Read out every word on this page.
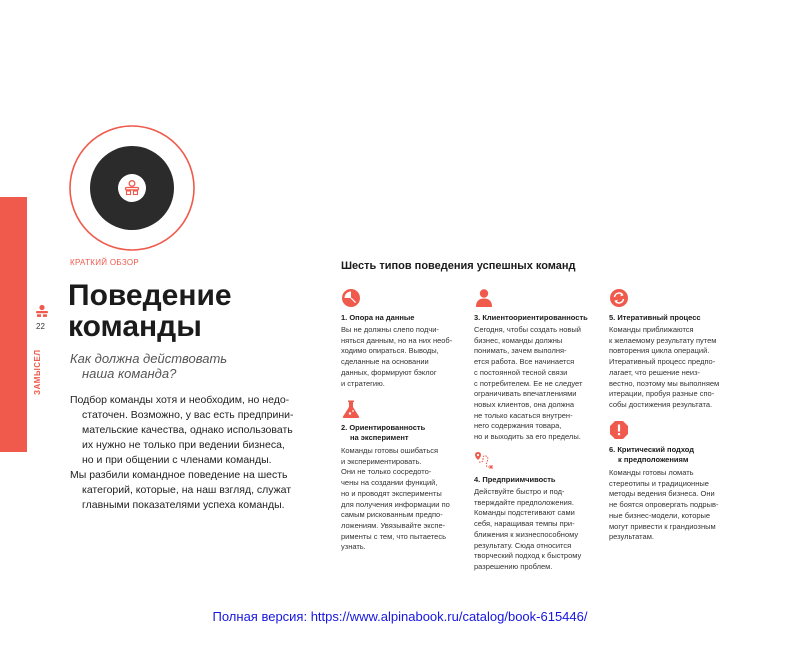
22
ЗАМЫСЕЛ
КРАТКИЙ ОБЗОР
Поведение
команды
Как должна действовать
наша команда?
Подбор команды хотя и необходим, но недо-
статочен. Возможно, у вас есть предприни-
мательские качества, однако использовать
их нужно не только при ведении бизнеса,
но и при общении с членами команды.
Мы разбили командное поведение на шесть
категорий, которые, на наш взгляд, служат
главными показателями успеха команды.
Шесть типов поведения успешных команд
1. Опора на данные
Вы не должны слепо подчи-
няться данным, но на них необ-
ходимо опираться. Выводы,
сделанные на основании
данных, формируют бэклог
и стратегию.
2. Ориентированность
на эксперимент
Команды готовы ошибаться
и экспериментировать.
Они не только сосредото-
чены на создании функций,
но и проводят эксперименты
для получения информации по
самым рискованным предпо-
ложениям. Увязывайте экспе-
рименты с тем, что пытаетесь
узнать.
3. Клиентоориентированность
Сегодня, чтобы создать новый
бизнес, команды должны
понимать, зачем выполня-
ется работа. Все начинается
с постоянной тесной связи
с потребителем. Ее не следует
ограничивать впечатлениями
новых клиентов, она должна
не только касаться внутрен-
него содержания товара,
но и выходить за его пределы.
4. Предприимчивость
Действуйте быстро и под-
тверждайте предположения.
Команды подстегивают сами
себя, наращивая темпы при-
ближения к жизнеспособному
результату. Сюда относится
творческий подход к быстрому
разрешению проблем.
5. Итеративный процесс
Команды приближаются
к желаемому результату путем
повторения цикла операций.
Итеративный процесс предпо-
лагает, что решение неиз-
вестно, поэтому мы выполняем
итерации, пробуя разные спо-
собы достижения результата.
6. Критический подход
к предположениям
Команды готовы ломать
стереотипы и традиционные
методы ведения бизнеса. Они
не боятся опровергать подрыв-
ные бизнес-модели, которые
могут привести к грандиозным
результатам.
Полная версия: https://www.alpinabook.ru/catalog/book-615446/
